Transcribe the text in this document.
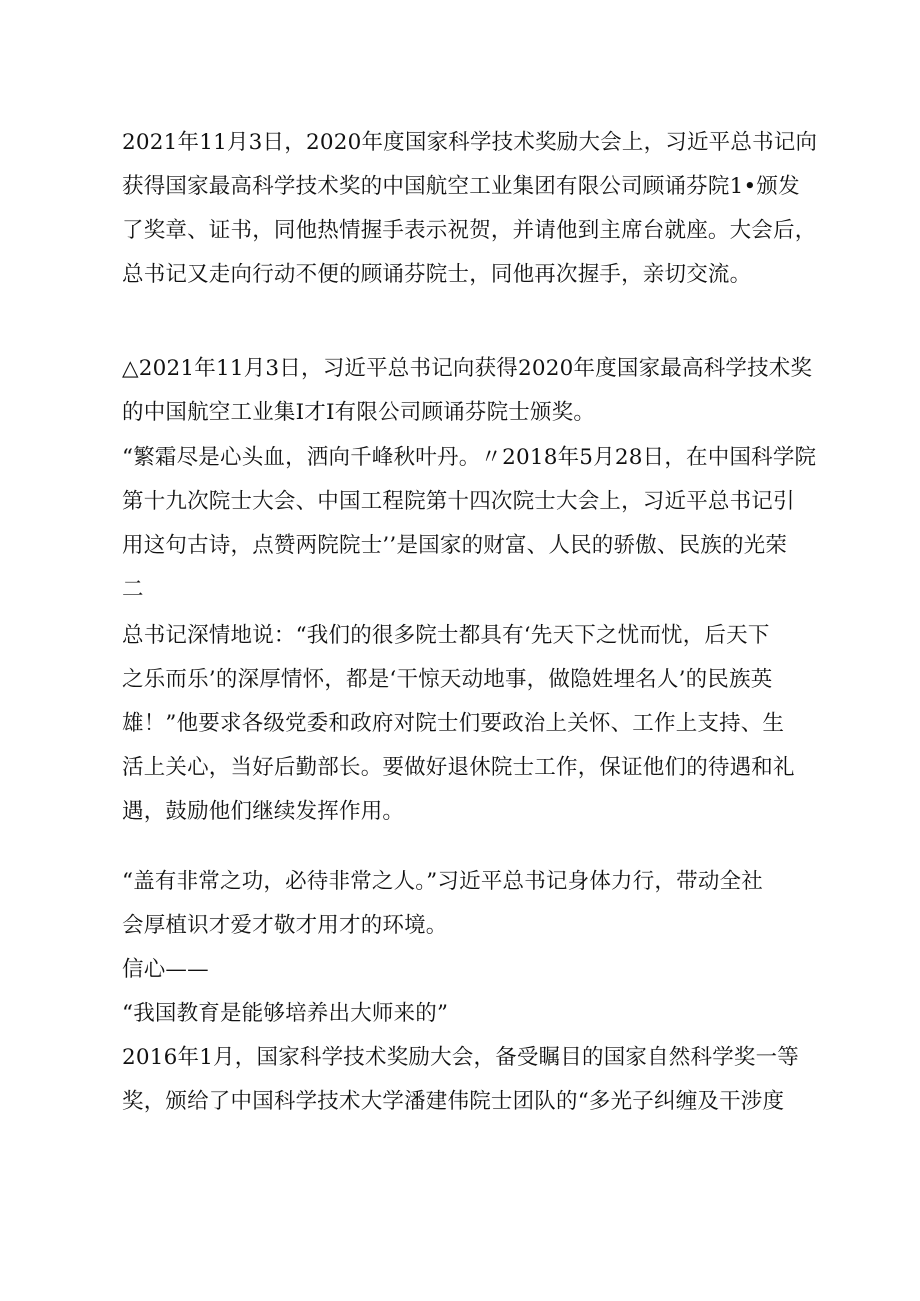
2021年11月3日，2020年度国家科学技术奖励大会上，习近平总书记向
获得国家最高科学技术奖的中国航空工业集团有限公司顾诵芬院1•颁发
了奖章、证书，同他热情握手表示祝贺，并请他到主席台就座。大会后，
总书记又走向行动不便的顾诵芬院士，同他再次握手，亲切交流。
△2021年11月3日，习近平总书记向获得2020年度国家最高科学技术奖
的中国航空工业集I才I有限公司顾诵芬院士颁奖。
“繁霜尽是心头血，洒向千峰秋叶丹。〃2018年5月28日，在中国科学院
第十九次院士大会、中国工程院第十四次院士大会上，习近平总书记引
用这句古诗，点赞两院院士’’是国家的财富、人民的骄傲、民族的光荣
二
总书记深情地说：“我们的很多院士都具有‘先天下之忧而忧，后天下
之乐而乐’的深厚情怀，都是‘干惊天动地事，做隐姓埋名人’的民族英
雄！”他要求各级党委和政府对院士们要政治上关怀、工作上支持、生
活上关心，当好后勤部长。要做好退休院士工作，保证他们的待遇和礼
遇，鼓励他们继续发挥作用。
“盖有非常之功，必待非常之人。”习近平总书记身体力行，带动全社
会厚植识才爱才敬才用才的环境。
信心——
“我国教育是能够培养出大师来的”
2016年1月，国家科学技术奖励大会，备受瞩目的国家自然科学奖一等
奖，颁给了中国科学技术大学潘建伟院士团队的“多光子纠缠及干涉度
